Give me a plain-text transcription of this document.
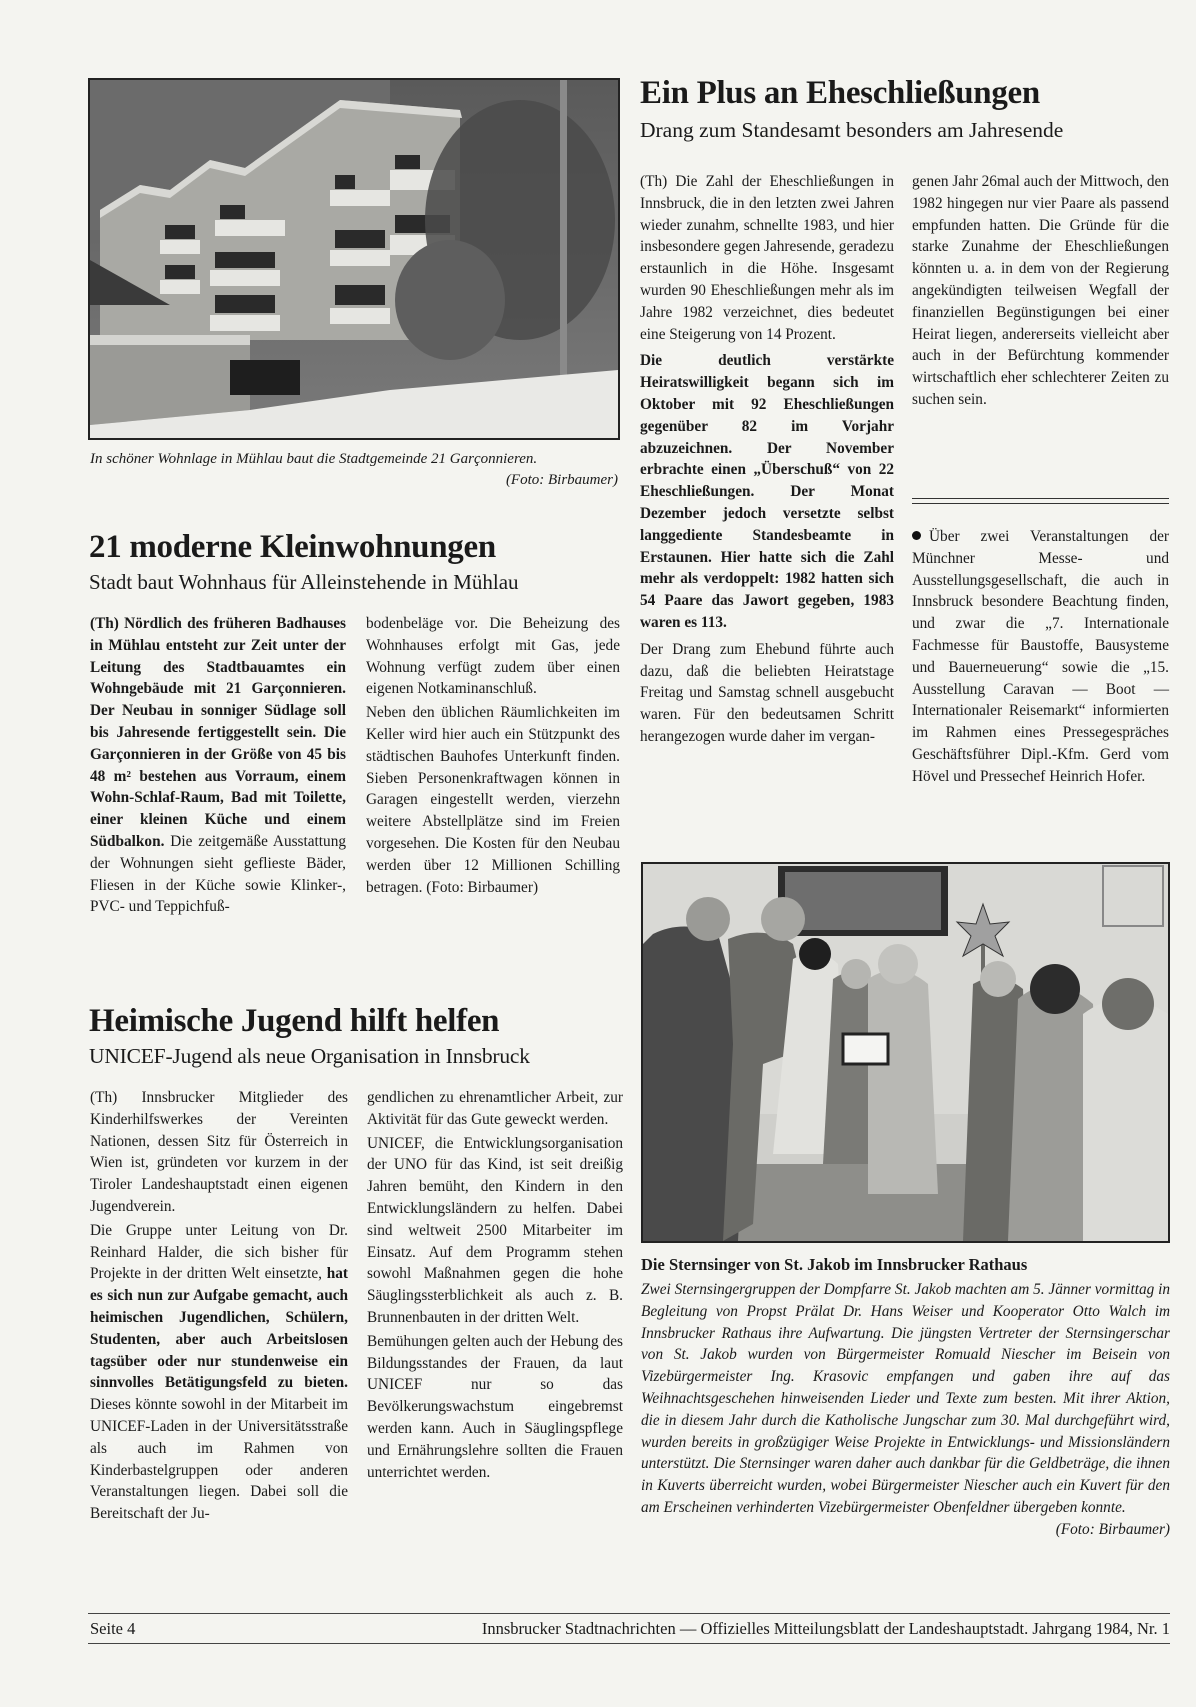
In schöner Wohnlage in Mühlau baut die Stadtgemeinde 21 Garçonnieren.
(Foto: Birbaumer)
21 moderne Kleinwohnungen
Stadt baut Wohnhaus für Alleinstehende in Mühlau

(Th) Nördlich des früheren Badhauses in Mühlau entsteht zur Zeit unter der Leitung des Stadtbauamtes ein Wohngebäude mit 21 Garçonnieren. Der Neubau in sonniger Südlage soll bis Jahresende fertiggestellt sein. Die Garçonnieren in der Größe von 45 bis 48 m² bestehen aus Vorraum, einem Wohn-Schlaf-Raum, Bad mit Toilette, einer kleinen Küche und einem Südbalkon. Die zeitgemäße Ausstattung der Wohnungen sieht geflieste Bäder, Fliesen in der Küche sowie Klinker-, PVC- und Teppichfuß-

bodenbeläge vor. Die Beheizung des Wohnhauses erfolgt mit Gas, jede Wohnung verfügt zudem über einen eigenen Notkaminanschluß.

Neben den üblichen Räumlichkeiten im Keller wird hier auch ein Stützpunkt des städtischen Bauhofes Unterkunft finden. Sieben Personenkraftwagen können in Garagen eingestellt werden, vierzehn weitere Abstellplätze sind im Freien vorgesehen. Die Kosten für den Neubau werden über 12 Millionen Schilling betragen. (Foto: Birbaumer)

Ein Plus an Eheschließungen
Drang zum Standesamt besonders am Jahresende

(Th) Die Zahl der Eheschließungen in Innsbruck, die in den letzten zwei Jahren wieder zunahm, schnellte 1983, und hier insbesondere gegen Jahresende, geradezu erstaunlich in die Höhe. Insgesamt wurden 90 Eheschließungen mehr als im Jahre 1982 verzeichnet, dies bedeutet eine Steigerung von 14 Prozent.

Die deutlich verstärkte Heiratswilligkeit begann sich im Oktober mit 92 Eheschließungen gegenüber 82 im Vorjahr abzuzeichnen. Der November erbrachte einen „Überschuß“ von 22 Eheschließungen. Der Monat Dezember jedoch versetzte selbst langgediente Standesbeamte in Erstaunen. Hier hatte sich die Zahl mehr als verdoppelt: 1982 hatten sich 54 Paare das Jawort gegeben, 1983 waren es 113.

Der Drang zum Ehebund führte auch dazu, daß die beliebten Heiratstage Freitag und Samstag schnell ausgebucht waren. Für den bedeutsamen Schritt herangezogen wurde daher im vergan-

genen Jahr 26mal auch der Mittwoch, den 1982 hingegen nur vier Paare als passend empfunden hatten. Die Gründe für die starke Zunahme der Eheschließungen könnten u. a. in dem von der Regierung angekündigten teilweisen Wegfall der finanziellen Begünstigungen bei einer Heirat liegen, andererseits vielleicht aber auch in der Befürchtung kommender wirtschaftlich eher schlechterer Zeiten zu suchen sein.

Über zwei Veranstaltungen der Münchner Messe- und Ausstellungsgesellschaft, die auch in Innsbruck besondere Beachtung finden, und zwar die „7. Internationale Fachmesse für Baustoffe, Bausysteme und Bauerneuerung“ sowie die „15. Ausstellung Caravan — Boot — Internationaler Reisemarkt“ informierten im Rahmen eines Pressegespräches Geschäftsführer Dipl.-Kfm. Gerd vom Hövel und Pressechef Heinrich Hofer.

Die Sternsinger von St. Jakob im Innsbrucker Rathaus
Zwei Sternsingergruppen der Dompfarre St. Jakob machten am 5. Jänner vormittag in Begleitung von Propst Prälat Dr. Hans Weiser und Kooperator Otto Walch im Innsbrucker Rathaus ihre Aufwartung. Die jüngsten Vertreter der Sternsingerschar von St. Jakob wurden von Bürgermeister Romuald Niescher im Beisein von Vizebürgermeister Ing. Krasovic empfangen und gaben ihre auf das Weihnachtsgeschehen hinweisenden Lieder und Texte zum besten. Mit ihrer Aktion, die in diesem Jahr durch die Katholische Jungschar zum 30. Mal durchgeführt wird, wurden bereits in großzügiger Weise Projekte in Entwicklungs- und Missionsländern unterstützt. Die Sternsinger waren daher auch dankbar für die Geldbeträge, die ihnen in Kuverts überreicht wurden, wobei Bürgermeister Niescher auch ein Kuvert für den am Erscheinen verhinderten Vizebürgermeister Obenfeldner übergeben konnte.
(Foto: Birbaumer)
Heimische Jugend hilft helfen
UNICEF-Jugend als neue Organisation in Innsbruck

(Th) Innsbrucker Mitglieder des Kinderhilfswerkes der Vereinten Nationen, dessen Sitz für Österreich in Wien ist, gründeten vor kurzem in der Tiroler Landeshauptstadt einen eigenen Jugendverein.

Die Gruppe unter Leitung von Dr. Reinhard Halder, die sich bisher für Projekte in der dritten Welt einsetzte, hat es sich nun zur Aufgabe gemacht, auch heimischen Jugendlichen, Schülern, Studenten, aber auch Arbeitslosen tagsüber oder nur stundenweise ein sinnvolles Betätigungsfeld zu bieten. Dieses könnte sowohl in der Mitarbeit im UNICEF-Laden in der Universitätsstraße als auch im Rahmen von Kinderbastelgruppen oder anderen Veranstaltungen liegen. Dabei soll die Bereitschaft der Ju-

gendlichen zu ehrenamtlicher Arbeit, zur Aktivität für das Gute geweckt werden.

UNICEF, die Entwicklungsorganisation der UNO für das Kind, ist seit dreißig Jahren bemüht, den Kindern in den Entwicklungsländern zu helfen. Dabei sind weltweit 2500 Mitarbeiter im Einsatz. Auf dem Programm stehen sowohl Maßnahmen gegen die hohe Säuglingssterblichkeit als auch z. B. Brunnenbauten in der dritten Welt.

Bemühungen gelten auch der Hebung des Bildungsstandes der Frauen, da laut UNICEF nur so das Bevölkerungswachstum eingebremst werden kann. Auch in Säuglingspflege und Ernährungslehre sollten die Frauen unterrichtet werden.

Seite 4	Innsbrucker Stadtnachrichten — Offizielles Mitteilungsblatt der Landeshauptstadt. Jahrgang 1984, Nr. 1
